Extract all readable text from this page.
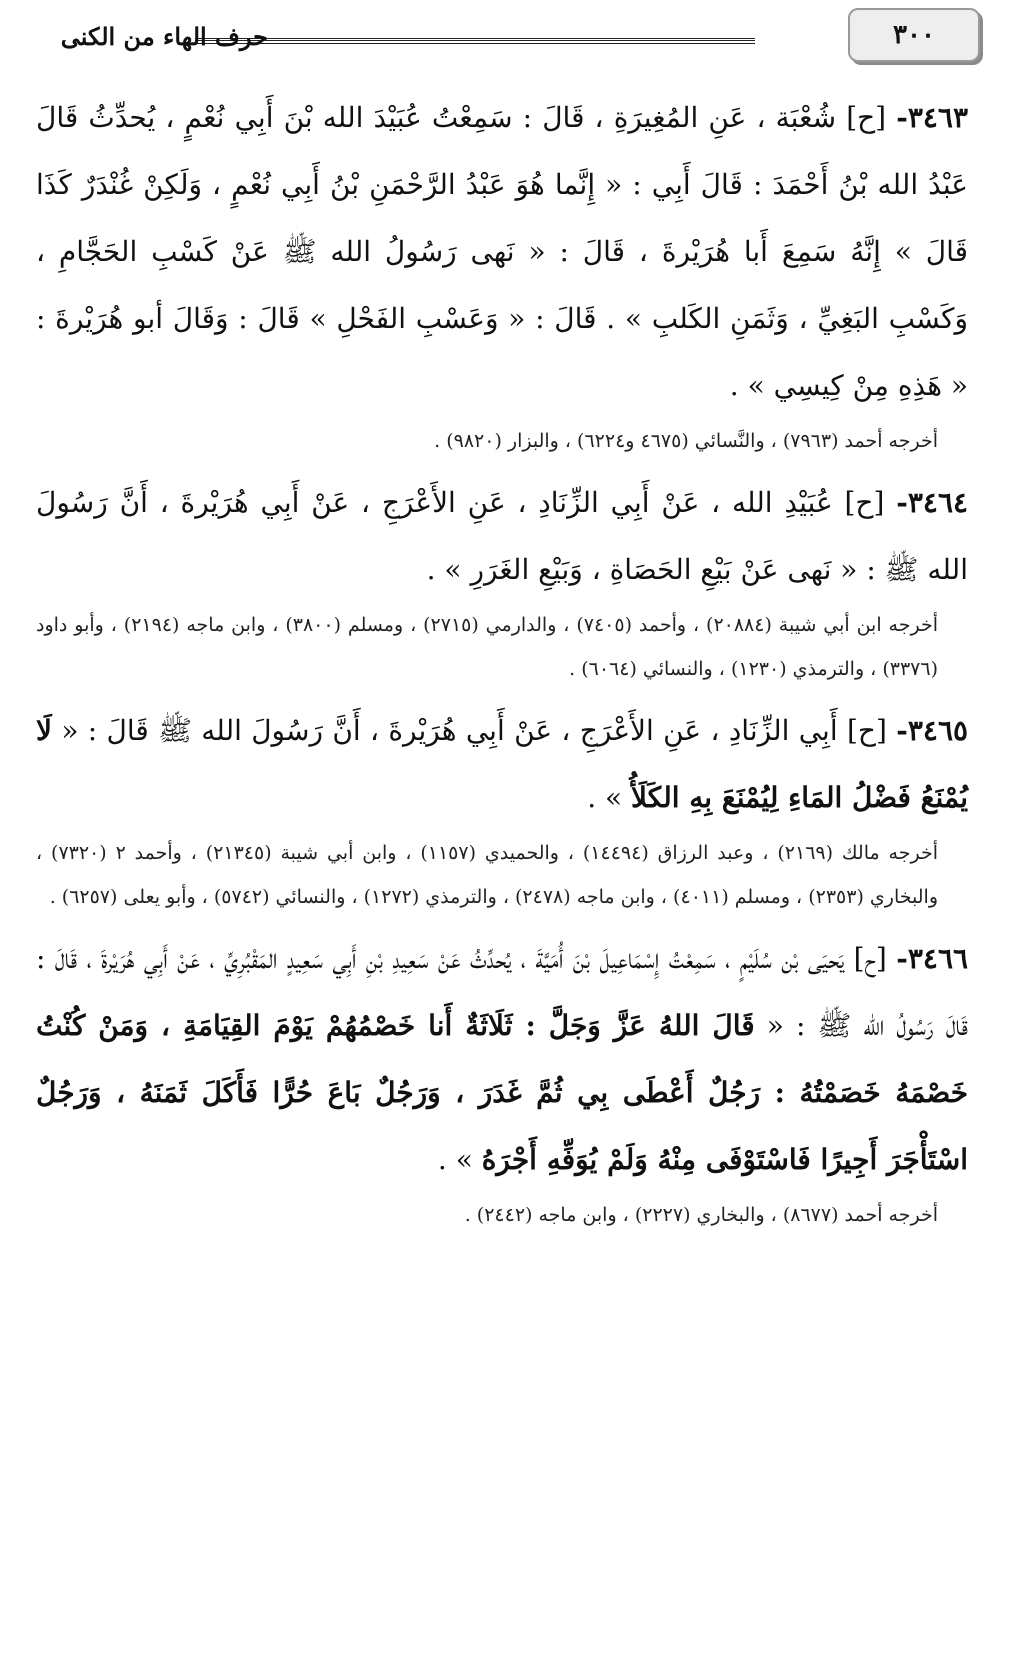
٣٠٠
حرف الهاء من الكنى

٣٤٦٣- [ح] شُعْبَة ، عَنِ المُغِيرَةِ ، قَالَ : سَمِعْتُ عُبَيْدَ الله بْنَ أَبِي نُعْمٍ ، يُحدِّثُ قَالَ عَبْدُ الله بْنُ أَحْمَدَ : قَالَ أَبِي : « إِنَّما هُوَ عَبْدُ الرَّحْمَنِ بْنُ أَبِي نُعْمٍ ، وَلَكِنْ غُنْدَرٌ كَذَا قَالَ » إِنَّهُ سَمِعَ أَبا هُرَيْرةَ ، قَالَ : « نَهى رَسُولُ الله ﷺ عَنْ كَسْبِ الحَجَّامِ ، وَكَسْبِ البَغِيِّ ، وَثَمَنِ الكَلبِ » . قَالَ : « وَعَسْبِ الفَحْلِ » قَالَ : وَقَالَ أبو هُرَيْرةَ : « هَذِهِ مِنْ كِيسِي » .

أخرجه أحمد (٧٩٦٣) ، والنَّسائي (٤٦٧٥ و٦٢٢٤) ، والبزار (٩٨٢٠) .

٣٤٦٤- [ح] عُبَيْدِ الله ، عَنْ أَبِي الزِّنَادِ ، عَنِ الأَعْرَجِ ، عَنْ أَبِي هُرَيْرةَ ، أَنَّ رَسُولَ الله ﷺ : « نَهى عَنْ بَيْعِ الحَصَاةِ ، وَبَيْعِ الغَرَرِ » .

أخرجه ابن أبي شيبة (٢٠٨٨٤) ، وأحمد (٧٤٠٥) ، والدارمي (٢٧١٥) ، ومسلم (٣٨٠٠) ، وابن ماجه (٢١٩٤) ، وأبو داود (٣٣٧٦) ، والترمذي (١٢٣٠) ، والنسائي (٦٠٦٤) .

٣٤٦٥- [ح] أَبِي الزِّنَادِ ، عَنِ الأَعْرَجِ ، عَنْ أَبِي هُرَيْرةَ ، أَنَّ رَسُولَ الله ﷺ قَالَ : « لَا يُمْنَعُ فَضْلُ المَاءِ لِيُمْنَعَ بِهِ الكَلَأُ » .

أخرجه مالك (٢١٦٩) ، وعبد الرزاق (١٤٤٩٤) ، والحميدي (١١٥٧) ، وابن أبي شيبة (٢١٣٤٥) ، وأحمد ٢ (٧٣٢٠) ، والبخاري (٢٣٥٣) ، ومسلم (٤٠١١) ، وابن ماجه (٢٤٧٨) ، والترمذي (١٢٧٢) ، والنسائي (٥٧٤٢) ، وأبو يعلى (٦٢٥٧) .

٣٤٦٦- [ح] يَحيَى بْن سُلَيْمٍ ، سَمِعْتُ إِسْمَاعِيلَ بْنَ أُمَيَّةَ ، يُحدِّثُ عَنْ سَعِيدِ بْنِ أَبِي سَعِيدٍ المَقْبُرِيِّ ، عَنْ أَبِي هُرَيْرةَ ، قَالَ : قَالَ رَسُولُ الله ﷺ : « قَالَ اللهُ عَزَّ وَجَلَّ : ثَلَاثَةٌ أَنا خَصْمُهُمْ يَوْمَ القِيَامَةِ ، وَمَنْ كُنْتُ خَصْمَهُ خَصَمْتُهُ : رَجُلٌ أَعْطَى بِي ثُمَّ غَدَرَ ، وَرَجُلٌ بَاعَ حُرًّا فَأَكَلَ ثَمَنَهُ ، وَرَجُلٌ اسْتَأْجَرَ أَجِيرًا فَاسْتَوْفَى مِنْهُ وَلَمْ يُوَفِّهِ أَجْرَهُ » .

أخرجه أحمد (٨٦٧٧) ، والبخاري (٢٢٢٧) ، وابن ماجه (٢٤٤٢) .
